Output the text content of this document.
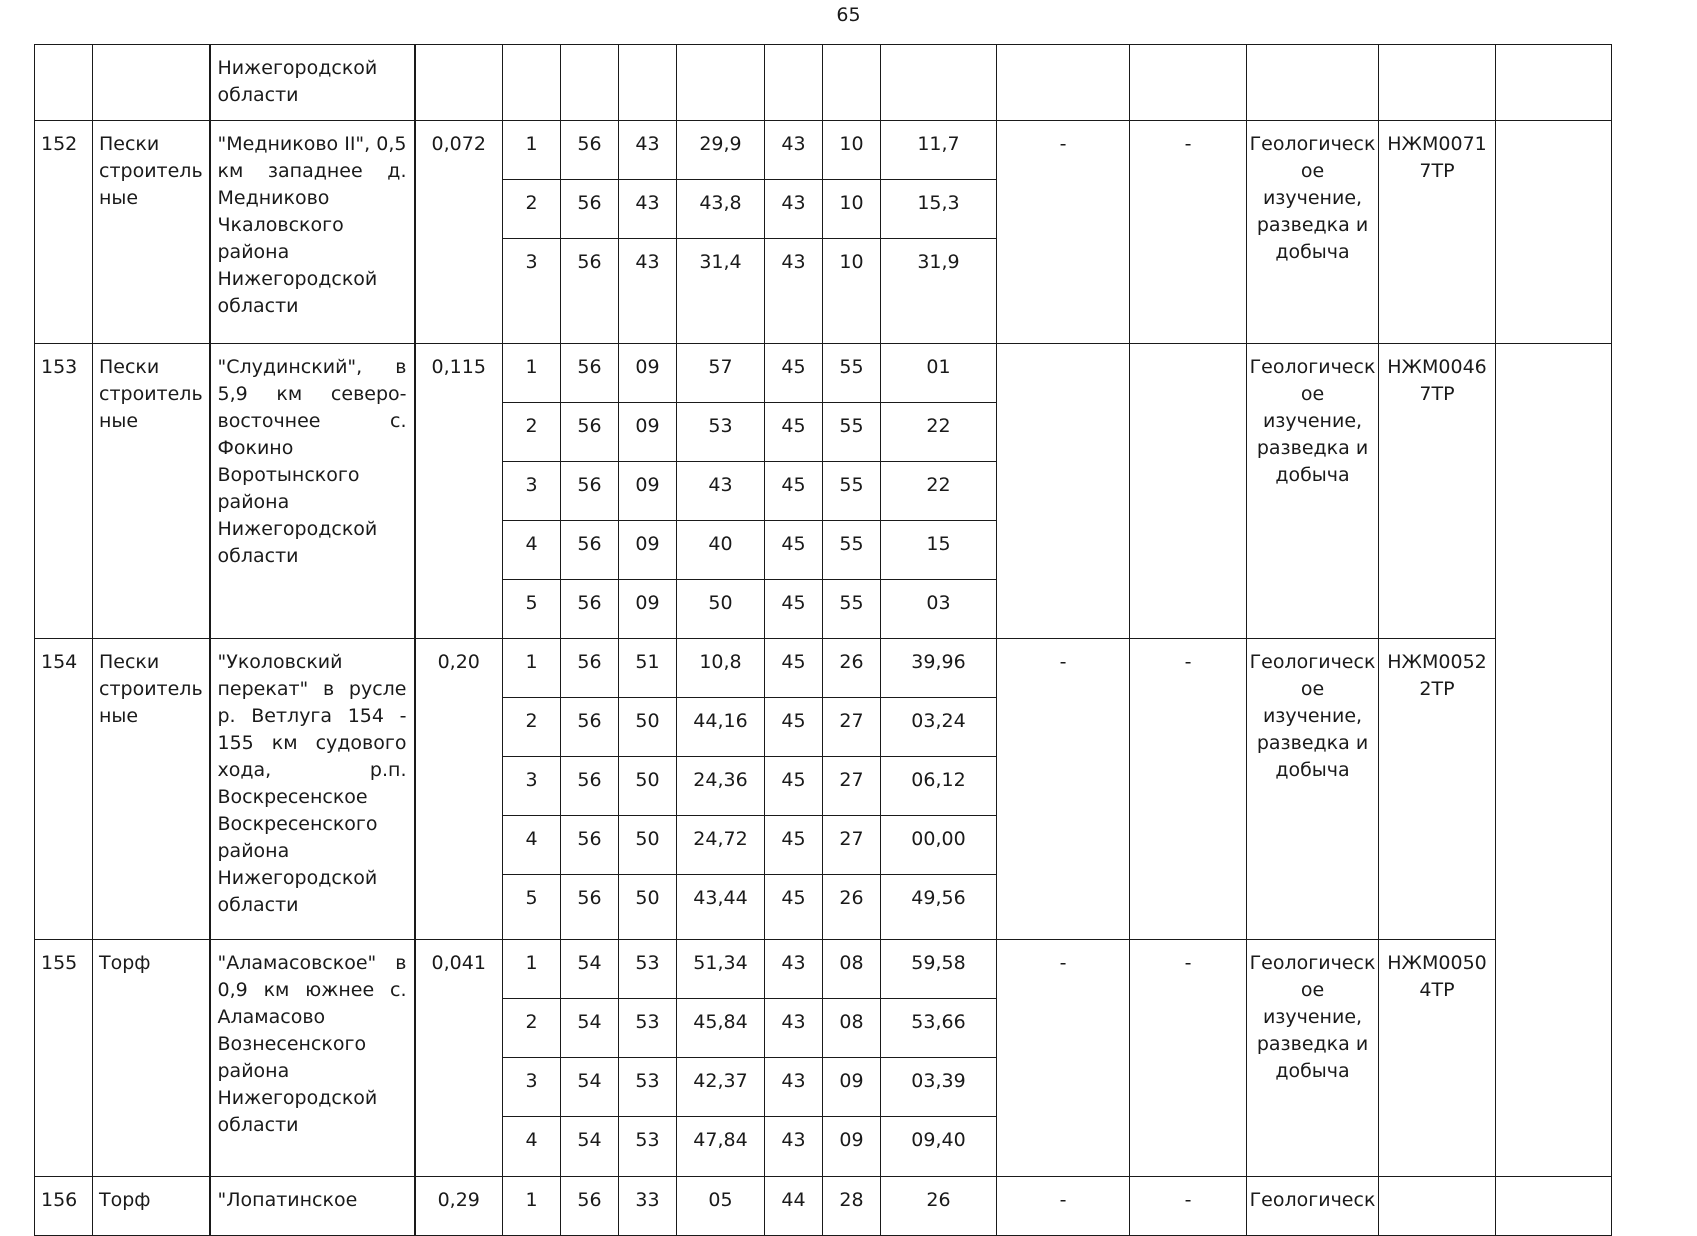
65
		Нижегородской области													
152	Пески строитель ные	"Медниково II", 0,5 км западнее д. Медниково Чкаловского района Нижегородской области	0,072	1	56	43	29,9	43	10	11,7	-	-	Геологическ ое изучение, разведка и добыча	НЖМ0071 7ТР	
				2	56	43	43,8	43	10	15,3					
				3	56	43	31,4	43	10	31,9					
153	Пески строитель ные	"Слудинский", в 5,9 км северо-восточнее с. Фокино Воротынского района Нижегородской области	0,115	1	56	09	57	45	55	01			Геологическ ое изучение, разведка и добыча	НЖМ0046 7ТР	
				2	56	09	53	45	55	22					
				3	56	09	43	45	55	22					
				4	56	09	40	45	55	15					
				5	56	09	50	45	55	03					
154	Пески строитель ные	"Уколовский перекат" в русле р. Ветлуга 154 - 155 км судового хода, р.п. Воскресенское Воскресенского района Нижегородской области	0,20	1	56	51	10,8	45	26	39,96	-	-	Геологическ ое изучение, разведка и добыча	НЖМ0052 2ТР	
				2	56	50	44,16	45	27	03,24					
				3	56	50	24,36	45	27	06,12					
				4	56	50	24,72	45	27	00,00					
				5	56	50	43,44	45	26	49,56					
155	Торф	"Аламасовское" в 0,9 км южнее с. Аламасово Вознесенского района Нижегородской области	0,041	1	54	53	51,34	43	08	59,58	-	-	Геологическ ое изучение, разведка и добыча	НЖМ0050 4ТР	
				2	54	53	45,84	43	08	53,66					
				3	54	53	42,37	43	09	03,39					
				4	54	53	47,84	43	09	09,40					
156	Торф	"Лопатинское	0,29	1	56	33	05	44	28	26	-	-	Геологическ		
